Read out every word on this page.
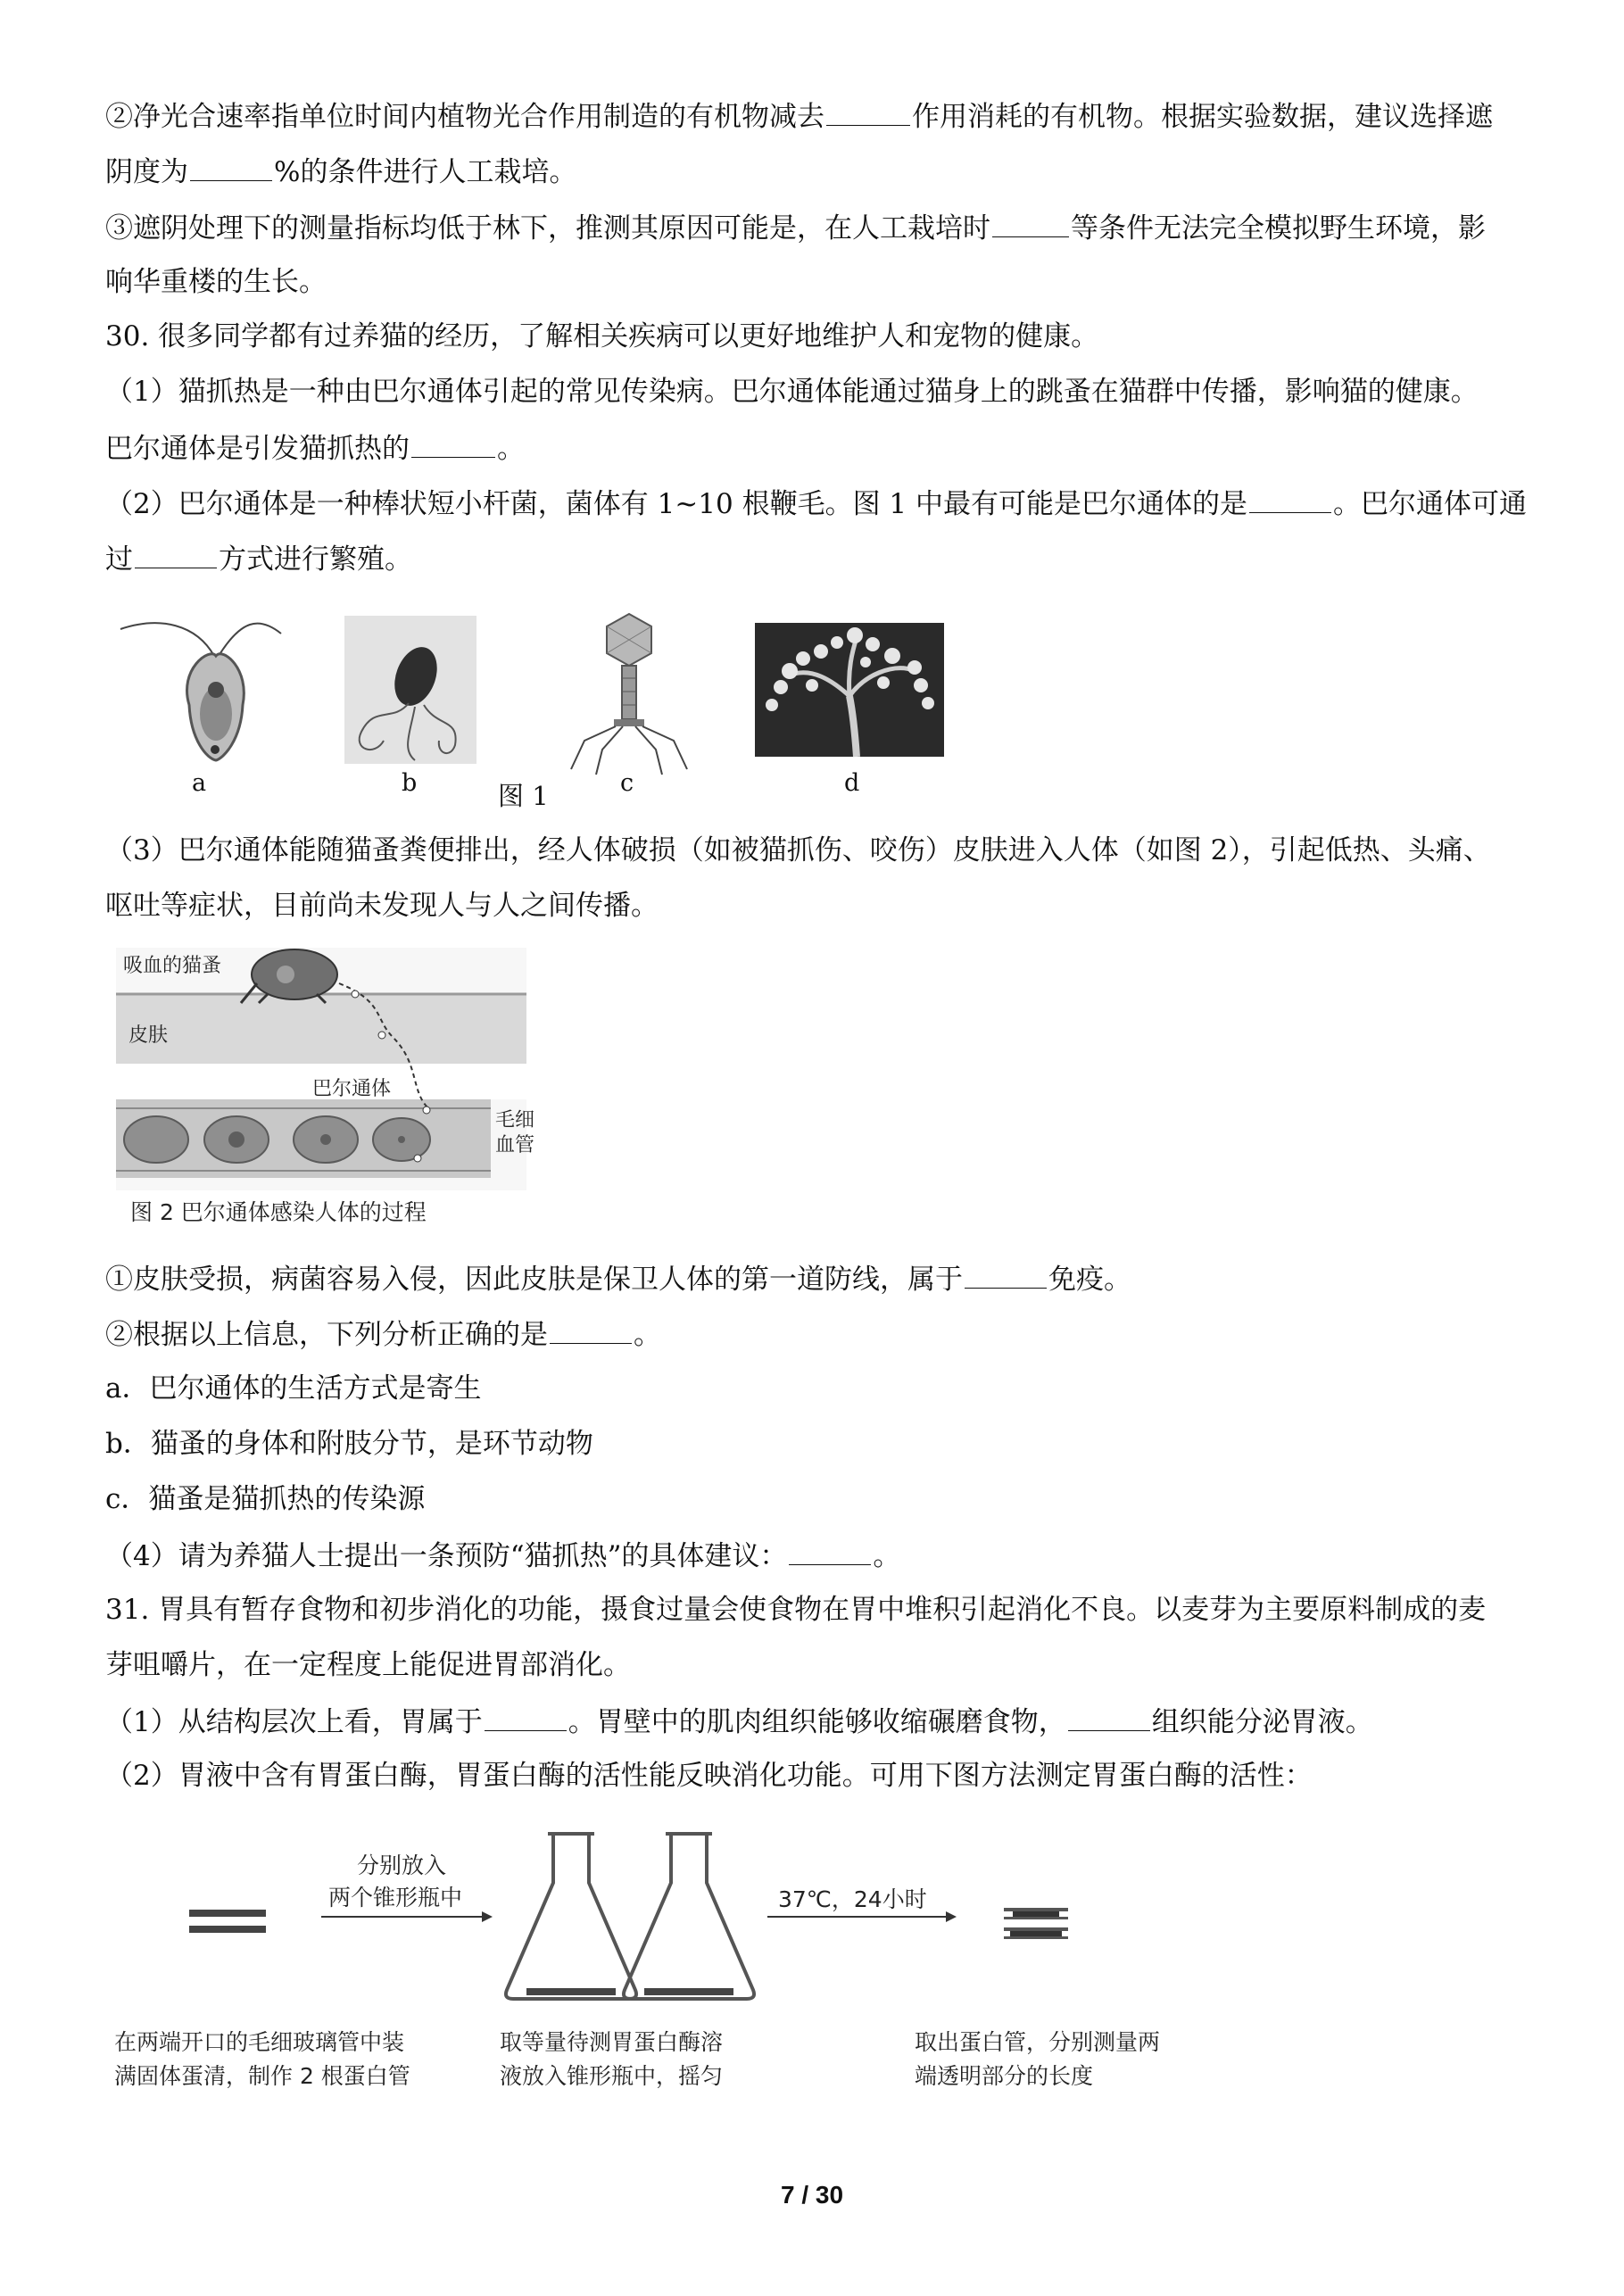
②净光合速率指单位时间内植物光合作用制造的有机物减去	作用消耗的有机物。根据实验数据，建议选择遮
阴度为	%的条件进行人工栽培。
③遮阴处理下的测量指标均低于林下，推测其原因可能是，在人工栽培时	等条件无法完全模拟野生环境，影
响华重楼的生长。
30. 很多同学都有过养猫的经历，了解相关疾病可以更好地维护人和宠物的健康。
（1）猫抓热是一种由巴尔通体引起的常见传染病。巴尔通体能通过猫身上的跳蚤在猫群中传播，影响猫的健康。
巴尔通体是引发猫抓热的	。
（2）巴尔通体是一种棒状短小杆菌，菌体有 1~10 根鞭毛。图 1 中最有可能是巴尔通体的是	。巴尔通体可通
过	方式进行繁殖。
a	b	c	d
图 1
（3）巴尔通体能随猫蚤粪便排出，经人体破损（如被猫抓伤、咬伤）皮肤进入人体（如图 2），引起低热、头痛、
呕吐等症状，目前尚未发现人与人之间传播。
吸血的猫蚤
皮肤
巴尔通体
毛细
血管
图 2 巴尔通体感染人体的过程
①皮肤受损，病菌容易入侵，因此皮肤是保卫人体的第一道防线，属于	免疫。
②根据以上信息，下列分析正确的是	。
a．巴尔通体的生活方式是寄生
b．猫蚤的身体和附肢分节，是环节动物
c．猫蚤是猫抓热的传染源
（4）请为养猫人士提出一条预防“猫抓热”的具体建议：	。
31. 胃具有暂存食物和初步消化的功能，摄食过量会使食物在胃中堆积引起消化不良。以麦芽为主要原料制成的麦
芽咀嚼片，在一定程度上能促进胃部消化。
（1）从结构层次上看，胃属于	。胃壁中的肌肉组织能够收缩碾磨食物，	组织能分泌胃液。
（2）胃液中含有胃蛋白酶，胃蛋白酶的活性能反映消化功能。可用下图方法测定胃蛋白酶的活性：
分别放入
两个锥形瓶中	37℃，24小时
在两端开口的毛细玻璃管中装
满固体蛋清，制作 2 根蛋白管
取等量待测胃蛋白酶溶
液放入锥形瓶中，摇匀
取出蛋白管，分别测量两
端透明部分的长度
7 / 30
